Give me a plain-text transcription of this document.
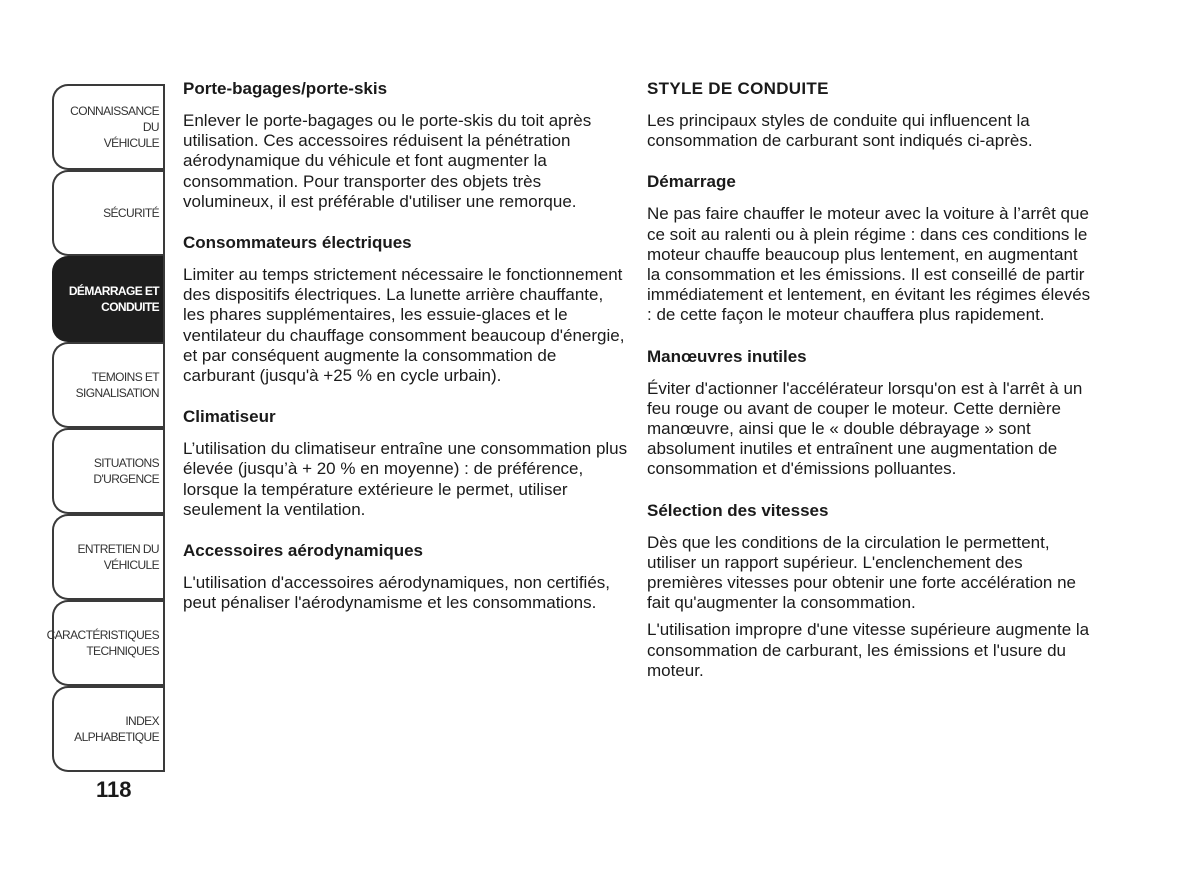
CONNAISSANCE DU
VÉHICULE
SÉCURITÉ
DÉMARRAGE ET
CONDUITE
TEMOINS ET
SIGNALISATION
SITUATIONS
D'URGENCE
ENTRETIEN DU
VÉHICULE
CARACTÉRISTIQUES
TECHNIQUES
INDEX
ALPHABETIQUE
118
Porte-bagages/porte-skis

Enlever le porte-bagages ou le porte-skis du toit après utilisation. Ces accessoires réduisent la pénétration aérodynamique du véhicule et font augmenter la consommation. Pour transporter des objets très volumineux, il est préférable d'utiliser une remorque.

Consommateurs électriques

Limiter au temps strictement nécessaire le fonctionnement des dispositifs électriques. La lunette arrière chauffante, les phares supplémentaires, les essuie-glaces et le ventilateur du chauffage consomment beaucoup d'énergie, et par conséquent augmente la consommation de carburant (jusqu'à +25 % en cycle urbain).

Climatiseur

L’utilisation du climatiseur entraîne une consommation plus élevée (jusqu’à + 20 % en moyenne) : de préférence, lorsque la température extérieure le permet, utiliser seulement la ventilation.

Accessoires aérodynamiques

L'utilisation d'accessoires aérodynamiques, non certifiés, peut pénaliser l'aérodynamisme et les consommations.

STYLE DE CONDUITE

Les principaux styles de conduite qui influencent la consommation de carburant sont indiqués ci-après.

Démarrage

Ne pas faire chauffer le moteur avec la voiture à l’arrêt que ce soit au ralenti ou à plein régime : dans ces conditions le moteur chauffe beaucoup plus lentement, en augmentant la consommation et les émissions. Il est conseillé de partir immédiatement et lentement, en évitant les régimes élevés : de cette façon le moteur chauffera plus rapidement.

Manœuvres inutiles

Éviter d'actionner l'accélérateur lorsqu'on est à l'arrêt à un feu rouge ou avant de couper le moteur. Cette dernière manœuvre, ainsi que le « double débrayage » sont absolument inutiles et entraînent une augmentation de consommation et d'émissions polluantes.

Sélection des vitesses

Dès que les conditions de la circulation le permettent, utiliser un rapport supérieur. L'enclenchement des premières vitesses pour obtenir une forte accélération ne fait qu'augmenter la consommation.

L'utilisation impropre d'une vitesse supérieure augmente la consommation de carburant, les émissions et l'usure du moteur.
